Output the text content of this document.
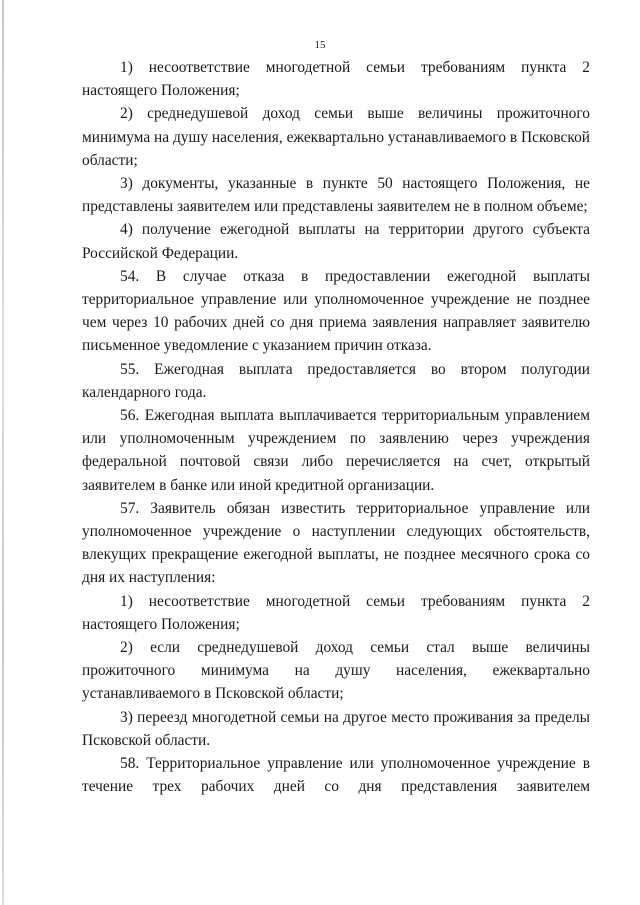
15

1) несоответствие многодетной семьи требованиям пункта 2 настоящего Положения;

2) среднедушевой доход семьи выше величины прожиточного минимума на душу населения, ежеквартально устанавливаемого в Псковской области;

3) документы, указанные в пункте 50 настоящего Положения, не представлены заявителем или представлены заявителем не в полном объеме;

4) получение ежегодной выплаты на территории другого субъекта Российской Федерации.

54. В случае отказа в предоставлении ежегодной выплаты территориальное управление или уполномоченное учреждение не позднее чем через 10 рабочих дней со дня приема заявления направляет заявителю письменное уведомление с указанием причин отказа.

55. Ежегодная выплата предоставляется во втором полугодии календарного года.

56. Ежегодная выплата выплачивается территориальным управлением или уполномоченным учреждением по заявлению через учреждения федеральной почтовой связи либо перечисляется на счет, открытый заявителем в банке или иной кредитной организации.

57. Заявитель обязан известить территориальное управление или уполномоченное учреждение о наступлении следующих обстоятельств, влекущих прекращение ежегодной выплаты, не позднее месячного срока со дня их наступления:

1) несоответствие многодетной семьи требованиям пункта 2 настоящего Положения;

2) если среднедушевой доход семьи стал выше величины прожиточного минимума на душу населения, ежеквартально устанавливаемого в Псковской области;

3) переезд многодетной семьи на другое место проживания за пределы Псковской области.

58. Территориальное управление или уполномоченное учреждение в течение трех рабочих дней со дня представления заявителем
